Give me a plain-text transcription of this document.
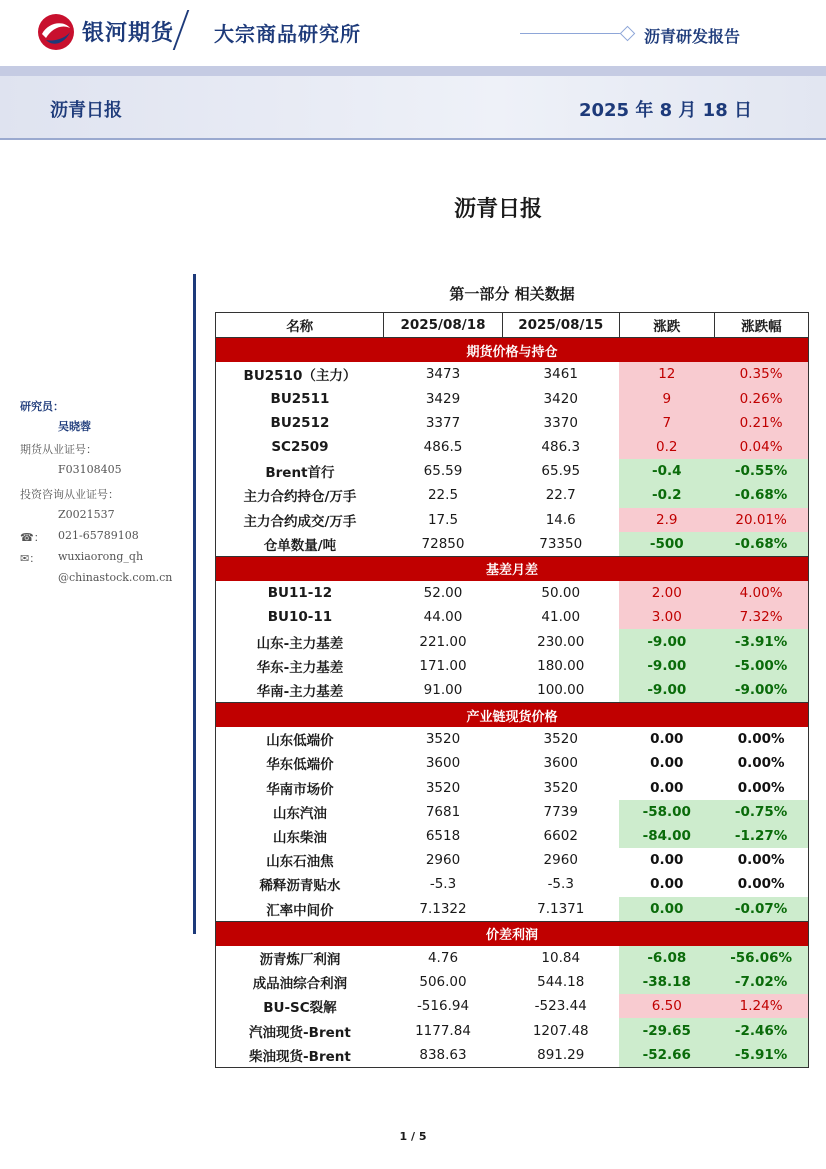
银河期货 大宗商品研究所	沥青研发报告
沥青日报	2025 年 8 月 18 日
沥青日报
研究员：
吴晓蓉
期货从业证号：
F03108405
投资咨询从业证号：
Z0021537
☎： 021-65789108
✉： wuxiaorong_qh
@chinastock.com.cn
第一部分 相关数据
名称	2025/08/18	2025/08/15	涨跌	涨跌幅
期货价格与持仓				
BU2510（主力）	3473	3461	12	0.35%
BU2511	3429	3420	9	0.26%
BU2512	3377	3370	7	0.21%
SC2509	486.5	486.3	0.2	0.04%
Brent首行	65.59	65.95	-0.4	-0.55%
主力合约持仓/万手	22.5	22.7	-0.2	-0.68%
主力合约成交/万手	17.5	14.6	2.9	20.01%
仓单数量/吨	72850	73350	-500	-0.68%
基差月差				
BU11-12	52.00	50.00	2.00	4.00%
BU10-11	44.00	41.00	3.00	7.32%
山东-主力基差	221.00	230.00	-9.00	-3.91%
华东-主力基差	171.00	180.00	-9.00	-5.00%
华南-主力基差	91.00	100.00	-9.00	-9.00%
产业链现货价格				
山东低端价	3520	3520	0.00	0.00%
华东低端价	3600	3600	0.00	0.00%
华南市场价	3520	3520	0.00	0.00%
山东汽油	7681	7739	-58.00	-0.75%
山东柴油	6518	6602	-84.00	-1.27%
山东石油焦	2960	2960	0.00	0.00%
稀释沥青贴水	-5.3	-5.3	0.00	0.00%
汇率中间价	7.1322	7.1371	0.00	-0.07%
价差利润				
沥青炼厂利润	4.76	10.84	-6.08	-56.06%
成品油综合利润	506.00	544.18	-38.18	-7.02%
BU-SC裂解	-516.94	-523.44	6.50	1.24%
汽油现货-Brent	1177.84	1207.48	-29.65	-2.46%
柴油现货-Brent	838.63	891.29	-52.66	-5.91%
1 / 5
